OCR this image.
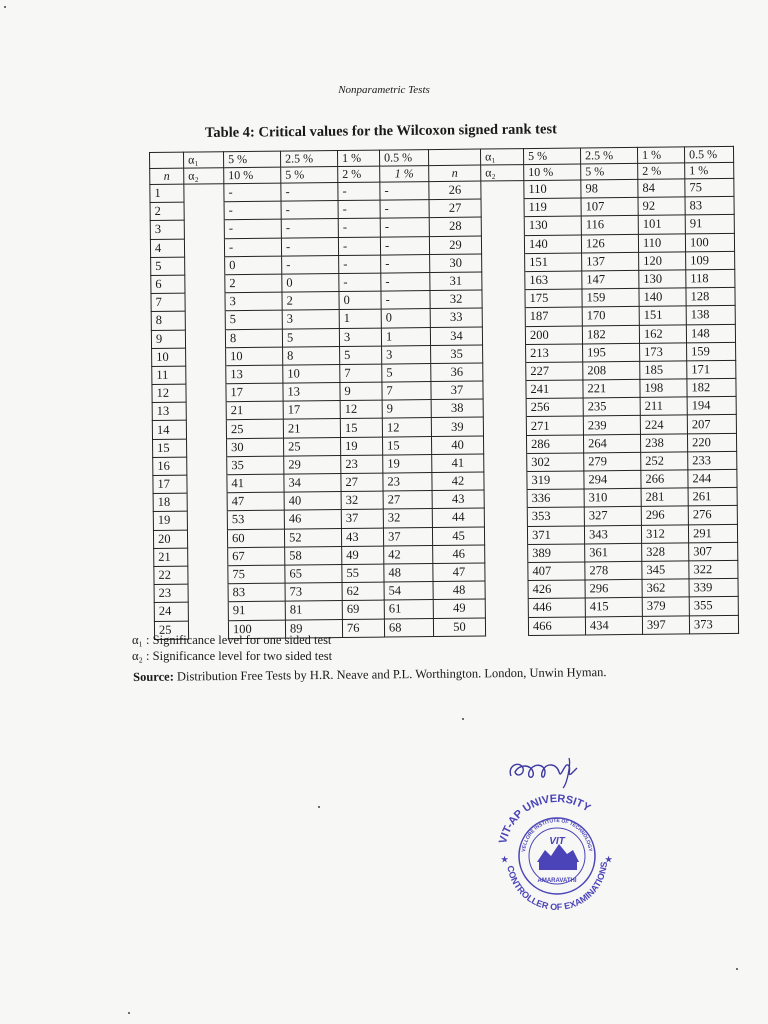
Nonparametric Tests
Table 4: Critical values for the Wilcoxon signed rank test
	α₁	5 %	2.5 %	1 %	0.5 %		α₁	5 %	2.5 %	1 %	0.5 %
n	α₂	10 %	5 %	2 %	1 %	n	α₂	10 %	5 %	2 %	1 %
1		-	-	-	-	26		110	98	84	75
2		-	-	-	-	27		119	107	92	83
3		-	-	-	-	28		130	116	101	91
4		-	-	-	-	29		140	126	110	100
5		0	-	-	-	30		151	137	120	109
6		2	0	-	-	31		163	147	130	118
7		3	2	0	-	32		175	159	140	128
8		5	3	1	0	33		187	170	151	138
9		8	5	3	1	34		200	182	162	148
10		10	8	5	3	35		213	195	173	159
11		13	10	7	5	36		227	208	185	171
12		17	13	9	7	37		241	221	198	182
13		21	17	12	9	38		256	235	211	194
14		25	21	15	12	39		271	239	224	207
15		30	25	19	15	40		286	264	238	220
16		35	29	23	19	41		302	279	252	233
17		41	34	27	23	42		319	294	266	244
18		47	40	32	27	43		336	310	281	261
19		53	46	37	32	44		353	327	296	276
20		60	52	43	37	45		371	343	312	291
21		67	58	49	42	46		389	361	328	307
22		75	65	55	48	47		407	278	345	322
23		83	73	62	54	48		426	296	362	339
24		91	81	69	61	49		446	415	379	355
25		100	89	76	68	50		466	434	397	373
α₁ : Significance level for one sided test
α₂ : Significance level for two sided test
Source: Distribution Free Tests by H.R. Neave and P.L. Worthington. London, Unwin Hyman.
VIT-AP UNIVERSITY
VELLORE INSTITUTE OF TECHNOLOGY
VIT
AMARAVATHI
CONTROLLER OF EXAMINATIONS
★	★
